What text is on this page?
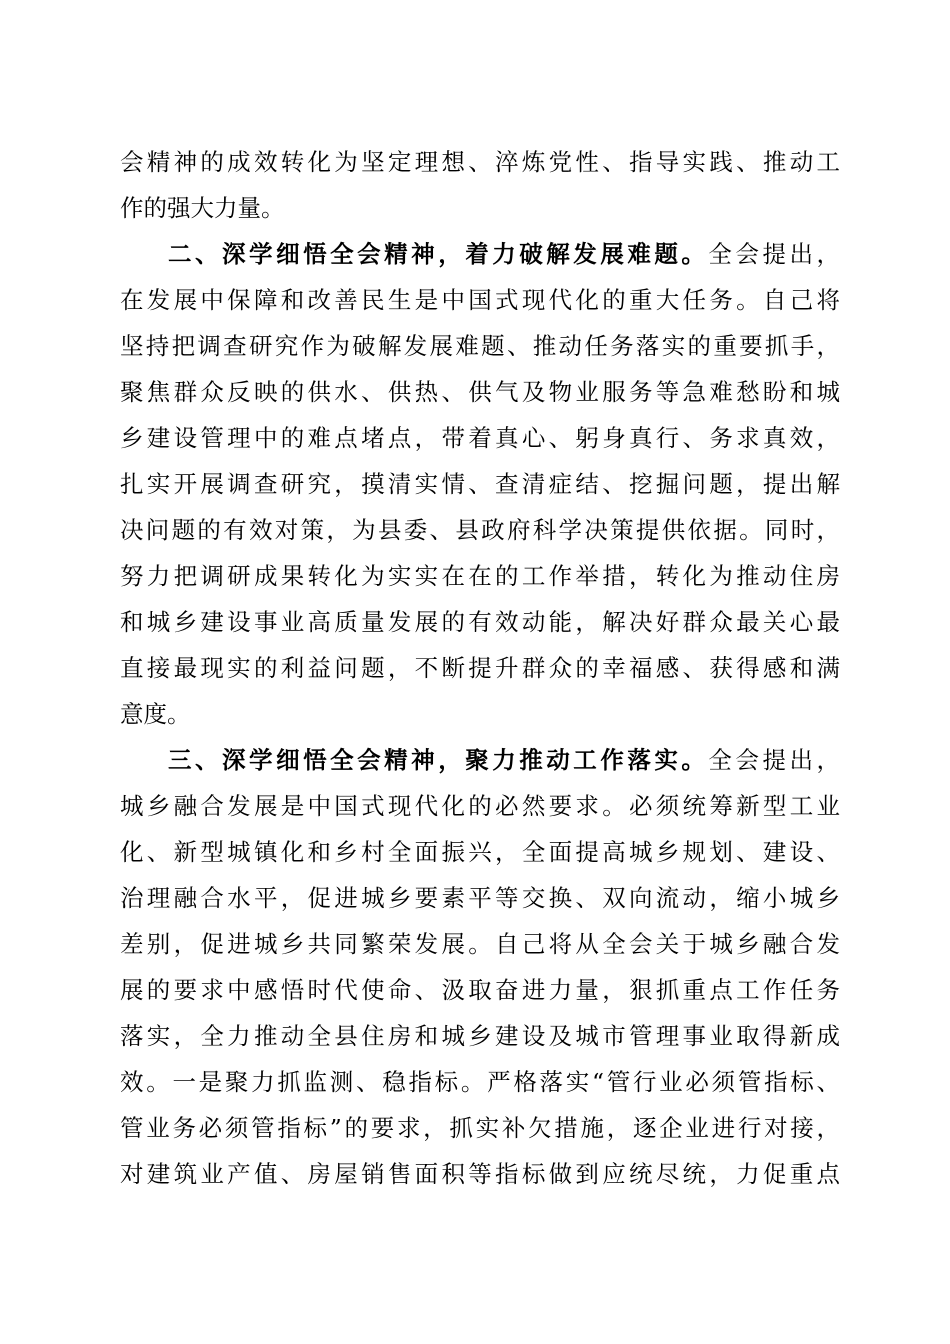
会精神的成效转化为坚定理想、淬炼党性、指导实践、推动工
作的强大力量。
二、深学细悟全会精神，着力破解发展难题。全会提出，
在发展中保障和改善民生是中国式现代化的重大任务。自己将
坚持把调查研究作为破解发展难题、推动任务落实的重要抓手，
聚焦群众反映的供水、供热、供气及物业服务等急难愁盼和城
乡建设管理中的难点堵点，带着真心、躬身真行、务求真效，
扎实开展调查研究，摸清实情、查清症结、挖掘问题，提出解
决问题的有效对策，为县委、县政府科学决策提供依据。同时，
努力把调研成果转化为实实在在的工作举措，转化为推动住房
和城乡建设事业高质量发展的有效动能，解决好群众最关心最
直接最现实的利益问题，不断提升群众的幸福感、获得感和满
意度。
三、深学细悟全会精神，聚力推动工作落实。全会提出，
城乡融合发展是中国式现代化的必然要求。必须统筹新型工业
化、新型城镇化和乡村全面振兴，全面提高城乡规划、建设、
治理融合水平，促进城乡要素平等交换、双向流动，缩小城乡
差别，促进城乡共同繁荣发展。自己将从全会关于城乡融合发
展的要求中感悟时代使命、汲取奋进力量，狠抓重点工作任务
落实，全力推动全县住房和城乡建设及城市管理事业取得新成
效。一是聚力抓监测、稳指标。严格落实“管行业必须管指标、
管业务必须管指标”的要求，抓实补欠措施，逐企业进行对接，
对建筑业产值、房屋销售面积等指标做到应统尽统，力促重点
